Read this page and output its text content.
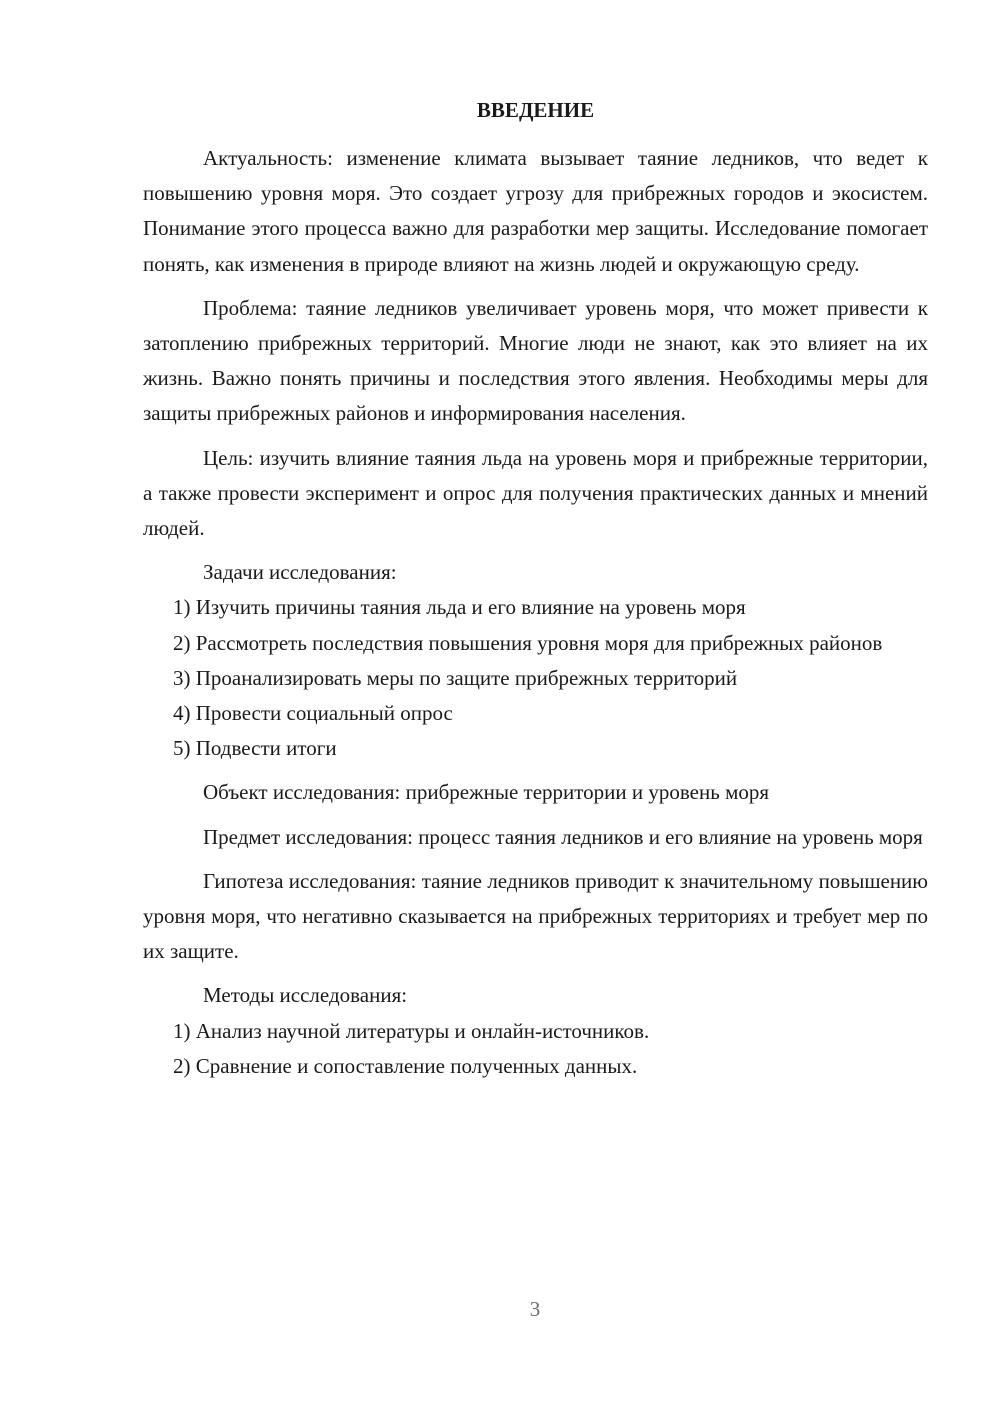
ВВЕДЕНИЕ

Актуальность: изменение климата вызывает таяние ледников, что ведет к повышению уровня моря. Это создает угрозу для прибрежных городов и экосистем. Понимание этого процесса важно для разработки мер защиты. Исследование помогает понять, как изменения в природе влияют на жизнь людей и окружающую среду.

Проблема: таяние ледников увеличивает уровень моря, что может привести к затоплению прибрежных территорий. Многие люди не знают, как это влияет на их жизнь. Важно понять причины и последствия этого явления. Необходимы меры для защиты прибрежных районов и информирования населения.

Цель: изучить влияние таяния льда на уровень моря и прибрежные территории, а также провести эксперимент и опрос для получения практических данных и мнений людей.

Задачи исследования:

1) Изучить причины таяния льда и его влияние на уровень моря

2) Рассмотреть последствия повышения уровня моря для прибрежных районов

3) Проанализировать меры по защите прибрежных территорий

4) Провести социальный опрос

5) Подвести итоги

Объект исследования: прибрежные территории и уровень моря

Предмет исследования: процесс таяния ледников и его влияние на уровень моря

Гипотеза исследования: таяние ледников приводит к значительному повышению уровня моря, что негативно сказывается на прибрежных территориях и требует мер по их защите.

Методы исследования:

1) Анализ научной литературы и онлайн-источников.

2) Сравнение и сопоставление полученных данных.

3
